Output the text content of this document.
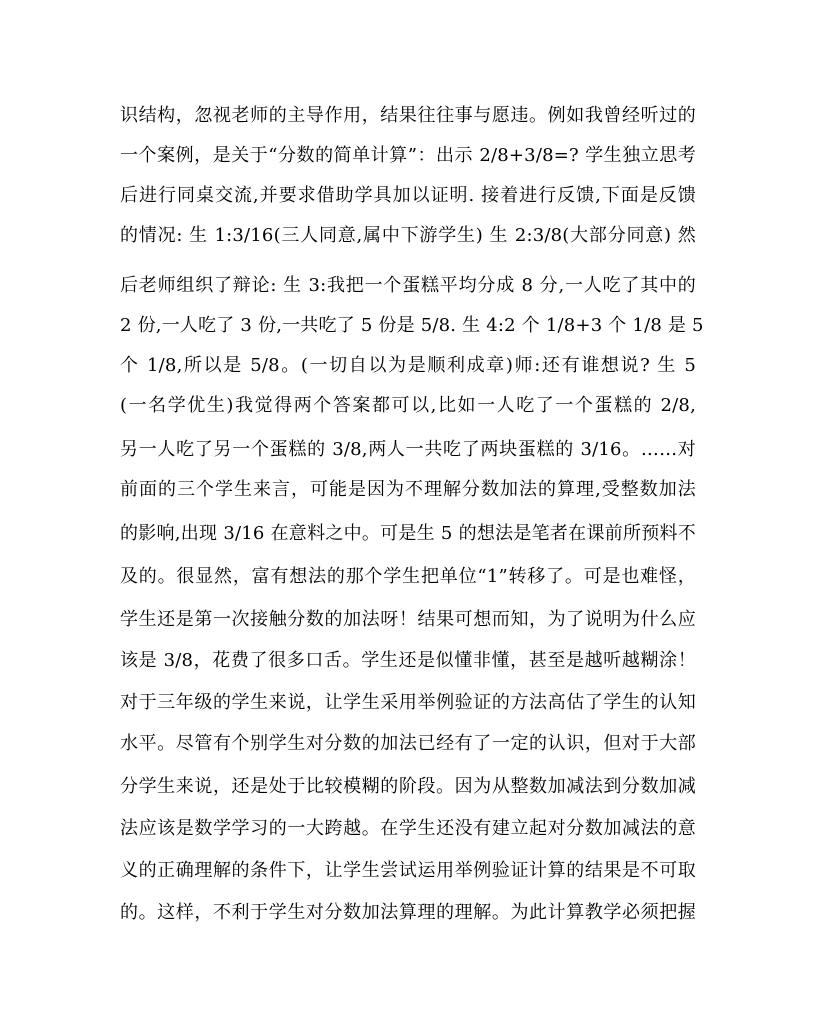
识结构，忽视老师的主导作用，结果往往事与愿违。例如我曾经听过的
一个案例，是关于“分数的简单计算”：出示 2/8+3/8=? 学生独立思考
后进行同桌交流,并要求借助学具加以证明. 接着进行反馈,下面是反馈
的情况: 生 1:3/16(三人同意,属中下游学生) 生 2:3/8(大部分同意) 然
后老师组织了辩论: 生 3:我把一个蛋糕平均分成 8 分,一人吃了其中的
2 份,一人吃了 3 份,一共吃了 5 份是 5/8. 生 4:2 个 1/8+3 个 1/8 是 5
个 1/8,所以是 5/8。(一切自以为是顺利成章)师:还有谁想说? 生 5
(一名学优生)我觉得两个答案都可以,比如一人吃了一个蛋糕的 2/8,
另一人吃了另一个蛋糕的 3/8,两人一共吃了两块蛋糕的 3/16。……对
前面的三个学生来言，可能是因为不理解分数加法的算理,受整数加法
的影响,出现 3/16 在意料之中。可是生 5 的想法是笔者在课前所预料不
及的。很显然，富有想法的那个学生把单位“1”转移了。可是也难怪，
学生还是第一次接触分数的加法呀！结果可想而知，为了说明为什么应
该是 3/8，花费了很多口舌。学生还是似懂非懂，甚至是越听越糊涂！
对于三年级的学生来说，让学生采用举例验证的方法高估了学生的认知
水平。尽管有个别学生对分数的加法已经有了一定的认识，但对于大部
分学生来说，还是处于比较模糊的阶段。因为从整数加减法到分数加减
法应该是数学学习的一大跨越。在学生还没有建立起对分数加减法的意
义的正确理解的条件下，让学生尝试运用举例验证计算的结果是不可取
的。这样，不利于学生对分数加法算理的理解。为此计算教学必须把握
